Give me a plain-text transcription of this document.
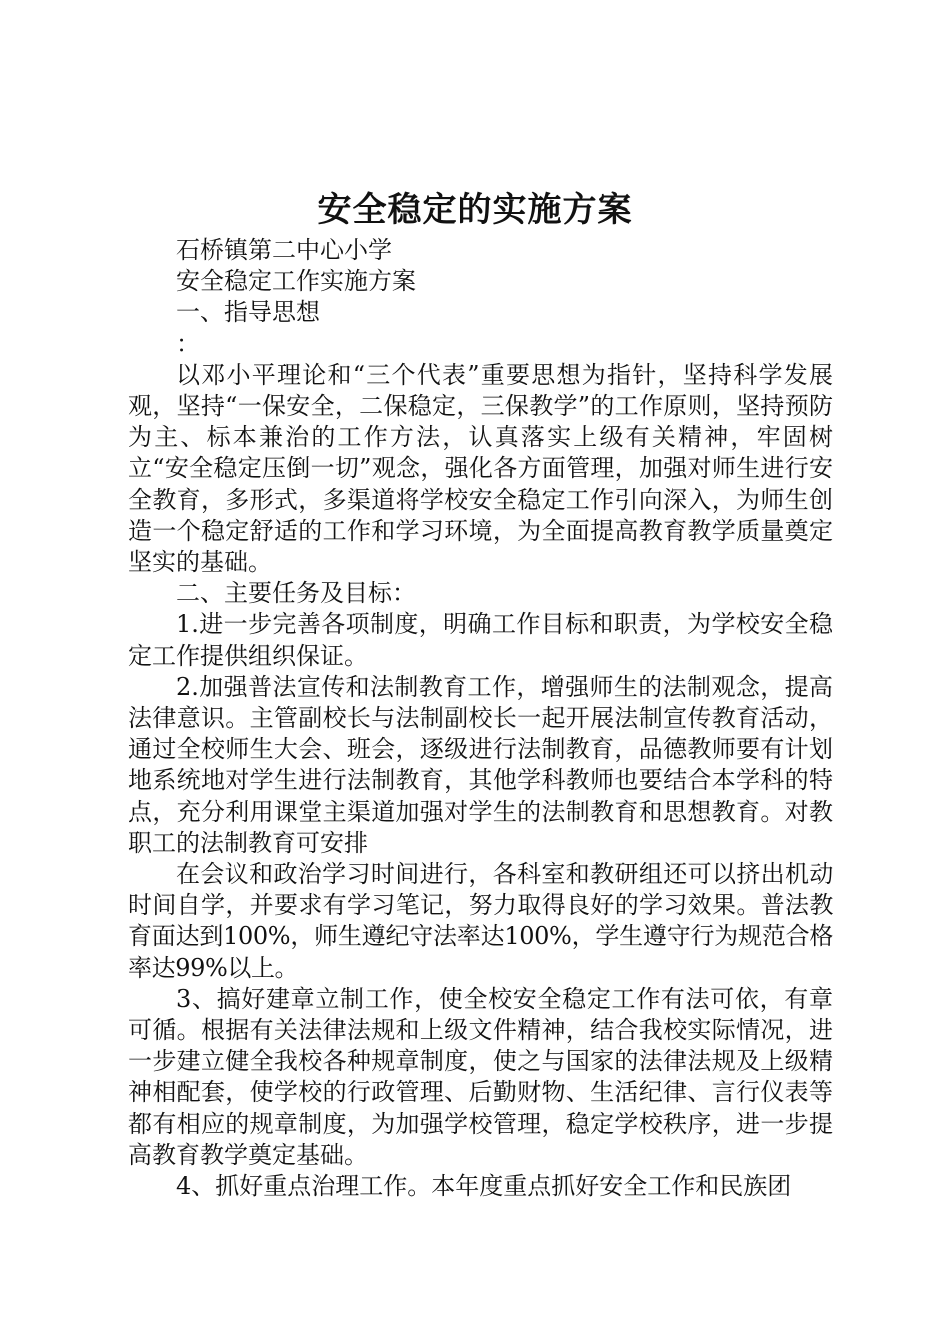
安全稳定的实施方案

石桥镇第二中心小学

安全稳定工作实施方案

一、指导思想

：

以邓小平理论和“三个代表”重要思想为指针，坚持科学发展观，坚持“一保安全，二保稳定，三保教学”的工作原则，坚持预防为主、标本兼治的工作方法，认真落实上级有关精神，牢固树立“安全稳定压倒一切”观念，强化各方面管理，加强对师生进行安全教育，多形式，多渠道将学校安全稳定工作引向深入，为师生创造一个稳定舒适的工作和学习环境，为全面提高教育教学质量奠定坚实的基础。

二、主要任务及目标：

1.进一步完善各项制度，明确工作目标和职责，为学校安全稳定工作提供组织保证。

2.加强普法宣传和法制教育工作，增强师生的法制观念，提高法律意识。主管副校长与法制副校长一起开展法制宣传教育活动，通过全校师生大会、班会，逐级进行法制教育，品德教师要有计划地系统地对学生进行法制教育，其他学科教师也要结合本学科的特点，充分利用课堂主渠道加强对学生的法制教育和思想教育。对教职工的法制教育可安排

在会议和政治学习时间进行，各科室和教研组还可以挤出机动时间自学，并要求有学习笔记，努力取得良好的学习效果。普法教育面达到100%，师生遵纪守法率达100%，学生遵守行为规范合格率达99%以上。

3、搞好建章立制工作，使全校安全稳定工作有法可依，有章可循。根据有关法律法规和上级文件精神，结合我校实际情况，进一步建立健全我校各种规章制度，使之与国家的法律法规及上级精神相配套，使学校的行政管理、后勤财物、生活纪律、言行仪表等都有相应的规章制度，为加强学校管理，稳定学校秩序，进一步提高教育教学奠定基础。

4、抓好重点治理工作。本年度重点抓好安全工作和民族团
